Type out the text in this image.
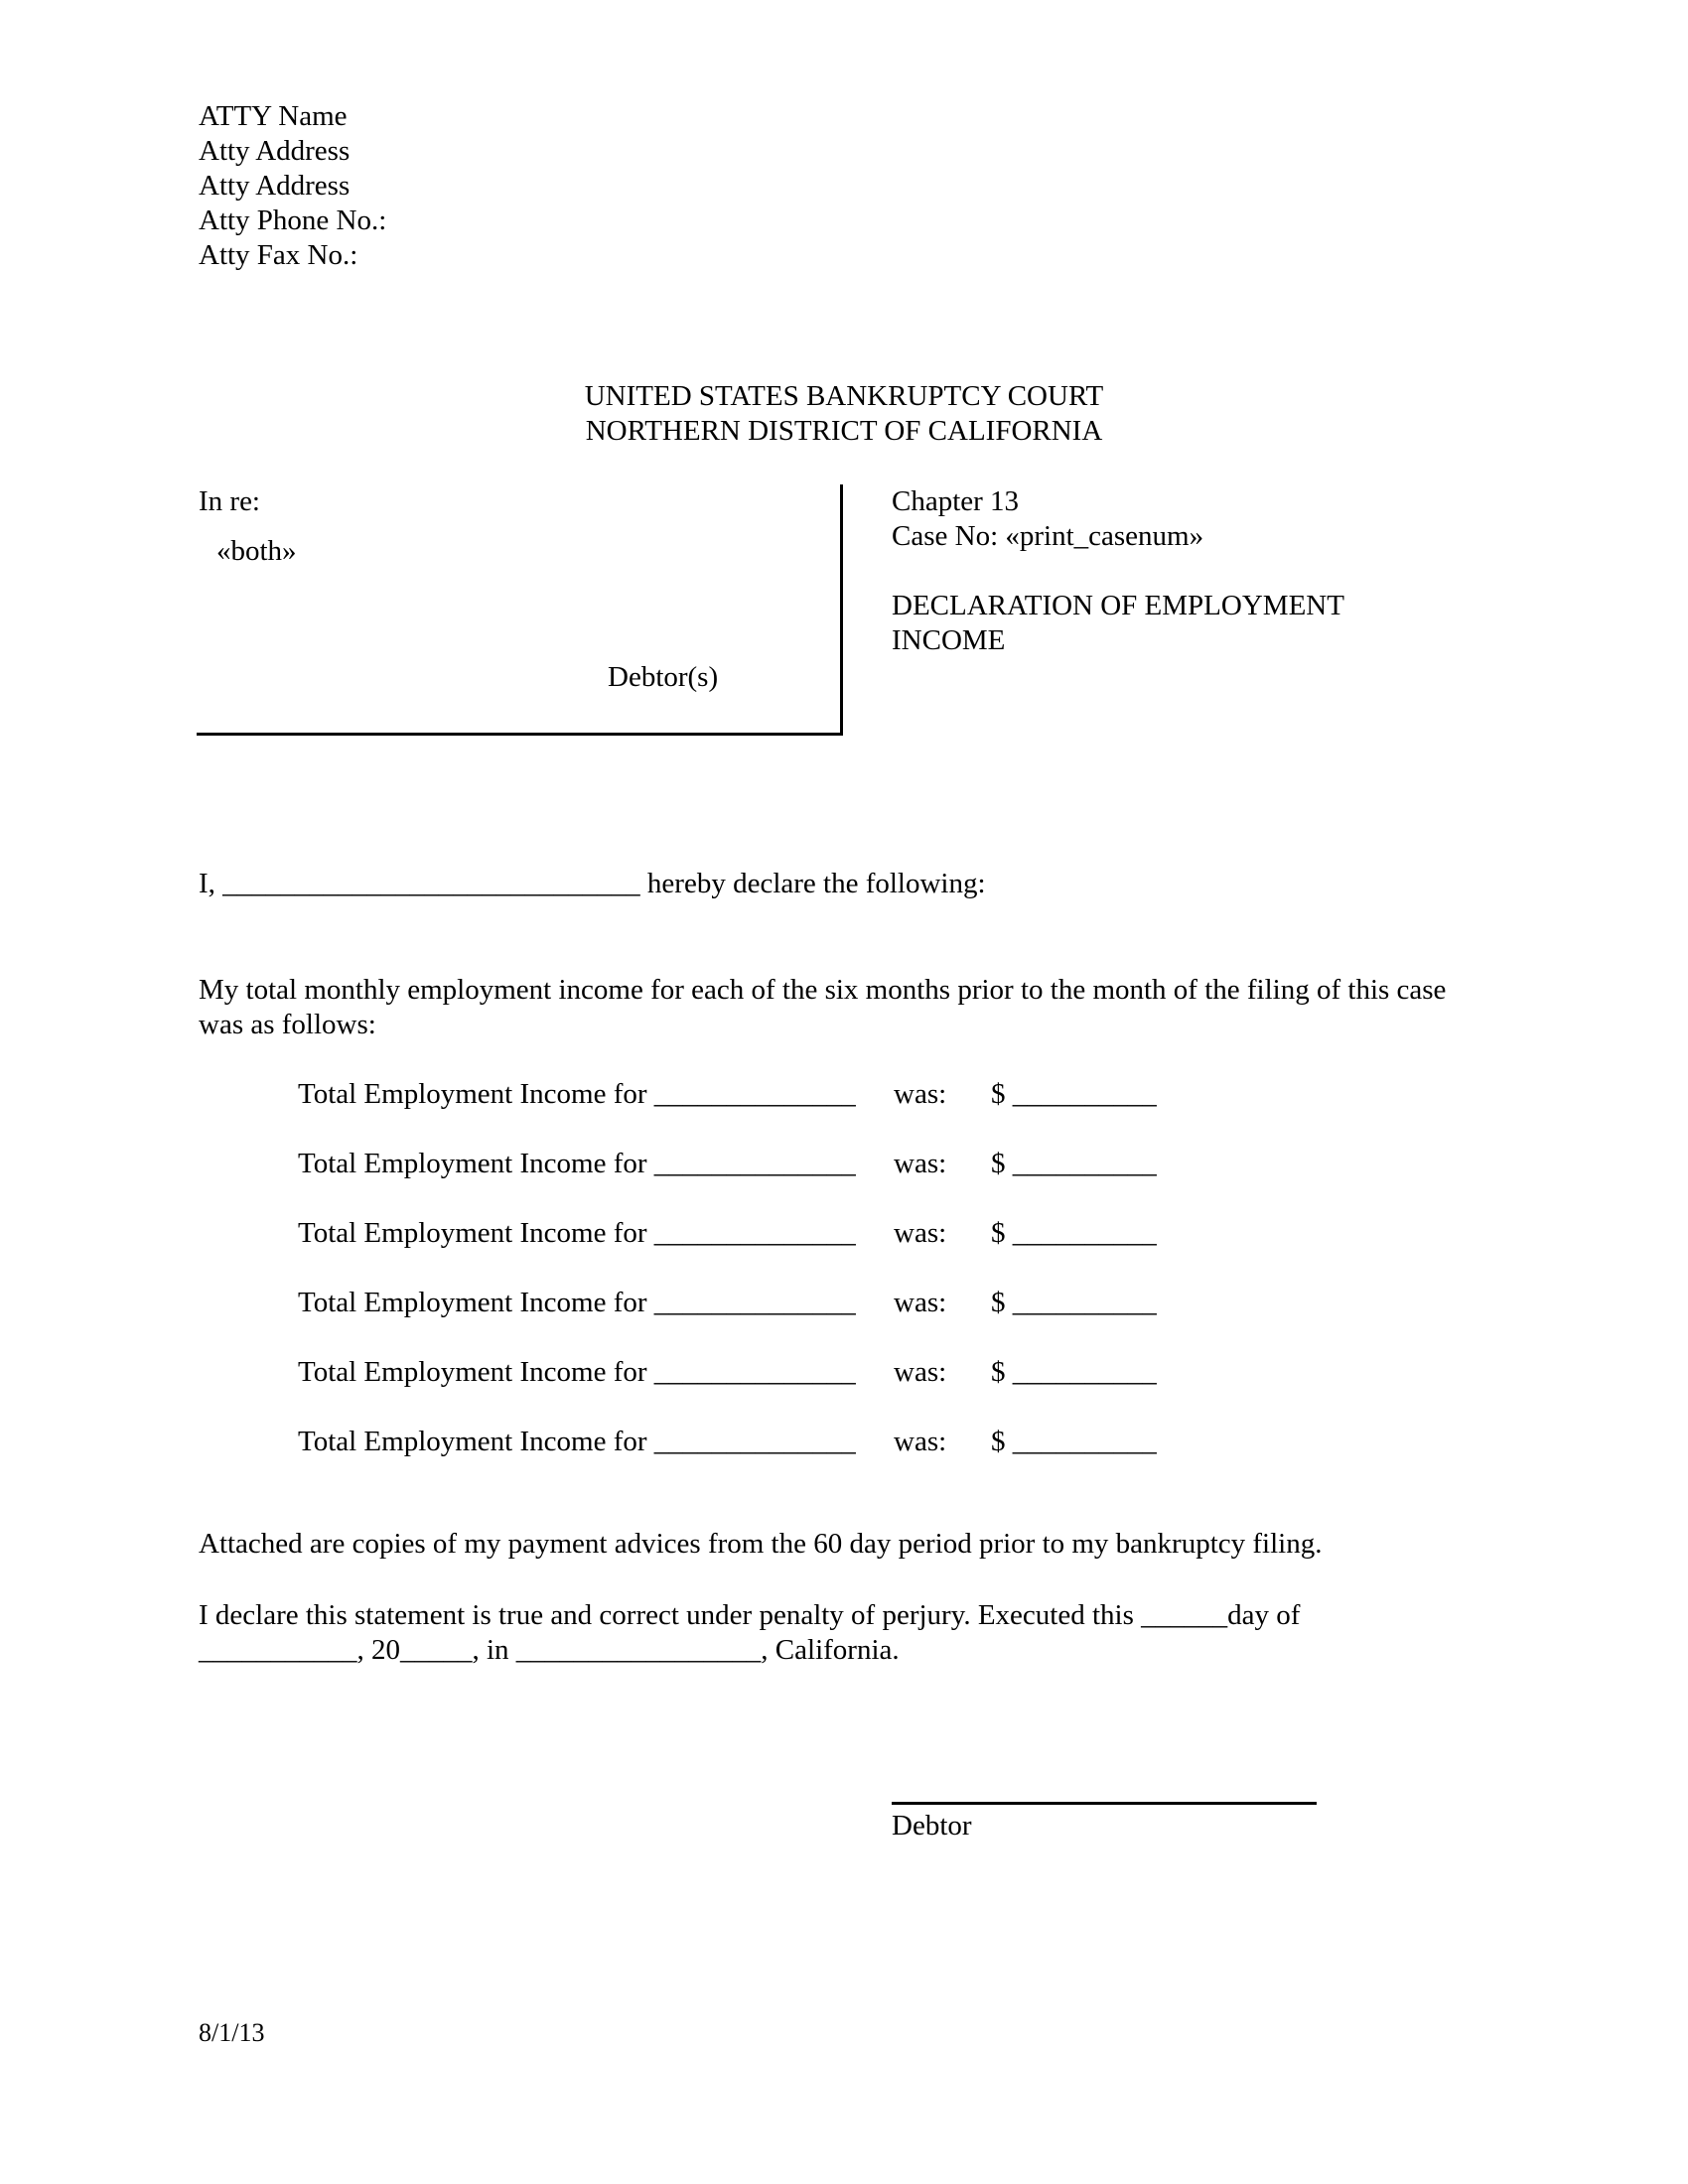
ATTY Name
Atty Address
Atty Address
Atty Phone No.:
Atty Fax No.:
UNITED STATES BANKRUPTCY COURT
NORTHERN DISTRICT OF CALIFORNIA
In re:
«both»
Debtor(s)
Chapter 13
Case No: «print_casenum»
DECLARATION OF EMPLOYMENT INCOME
I, _____________________________ hereby declare the following:
My total monthly employment income for each of the six months prior to the month of the filing of this case was as follows:
Total Employment Income for ______________ was: $ __________
Total Employment Income for ______________ was: $ __________
Total Employment Income for ______________ was: $ __________
Total Employment Income for ______________ was: $ __________
Total Employment Income for ______________ was: $ __________
Total Employment Income for ______________ was: $ __________
Attached are copies of my payment advices from the 60 day period prior to my bankruptcy filing.
I declare this statement is true and correct under penalty of perjury. Executed this ______day of
___________, 20_____, in _________________, California.
Debtor
8/1/13
